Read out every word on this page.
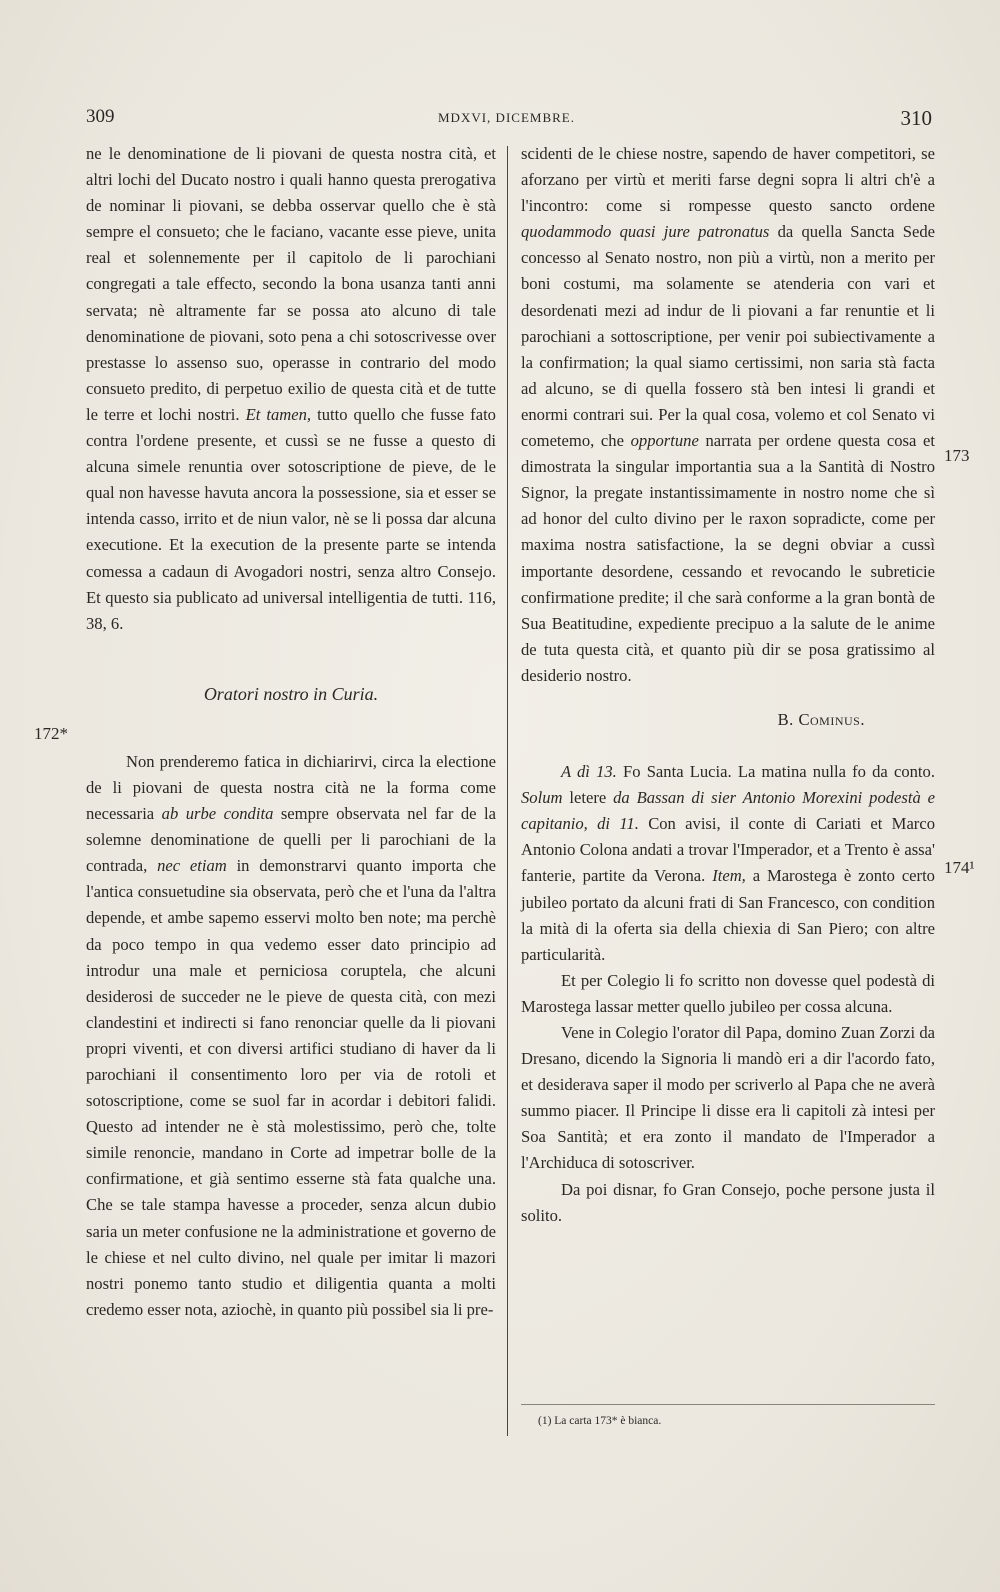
309	MDXVI, DICEMBRE.	310
172*
173
174¹

ne le denominatione de li piovani de questa nostra cità, et altri lochi del Ducato nostro i quali hanno questa prerogativa de nominar li piovani, se debba osservar quello che è stà sempre el consueto; che le faciano, vacante esse pieve, unita real et solennemente per il capitolo de li parochiani congregati a tale effecto, secondo la bona usanza tanti anni servata; nè altramente far se possa ato alcuno di tale denominatione de piovani, soto pena a chi sotoscrivesse over prestasse lo assenso suo, operasse in contrario del modo consueto predito, di perpetuo exilio de questa cità et de tutte le terre et lochi nostri. Et tamen, tutto quello che fusse fato contra l'ordene presente, et cussì se ne fusse a questo di alcuna simele renuntia over sotoscriptione de pieve, de le qual non havesse havuta ancora la possessione, sia et esser se intenda casso, irrito et de niun valor, nè se li possa dar alcuna executione. Et la execution de la presente parte se intenda comessa a cadaun di Avogadori nostri, senza altro Consejo. Et questo sia publicato ad universal intelligentia de tutti. 116, 38, 6.

Oratori nostro in Curia.

Non prenderemo fatica in dichiarirvi, circa la electione de li piovani de questa nostra cità ne la forma come necessaria ab urbe condita sempre observata nel far de la solemne denominatione de quelli per li parochiani de la contrada, nec etiam in demonstrarvi quanto importa che l'antica consuetudine sia observata, però che et l'una da l'altra depende, et ambe sapemo esservi molto ben note; ma perchè da poco tempo in qua vedemo esser dato principio ad introdur una male et perniciosa coruptela, che alcuni desiderosi de succeder ne le pieve de questa cità, con mezi clandestini et indirecti si fano renonciar quelle da li piovani propri viventi, et con diversi artifici studiano di haver da li parochiani il consentimento loro per via de rotoli et sotoscriptione, come se suol far in acordar i debitori falidi. Questo ad intender ne è stà molestissimo, però che, tolte simile renoncie, mandano in Corte ad impetrar bolle de la confirmatione, et già sentimo esserne stà fata qualche una. Che se tale stampa havesse a proceder, senza alcun dubio saria un meter confusione ne la administratione et governo de le chiese et nel culto divino, nel quale per imitar li mazori nostri ponemo tanto studio et diligentia quanta a molti credemo esser nota, aziochè, in quanto più possibel sia li pre-

scidenti de le chiese nostre, sapendo de haver competitori, se aforzano per virtù et meriti farse degni sopra li altri ch'è a l'incontro: come si rompesse questo sancto ordene quodammodo quasi jure patronatus da quella Sancta Sede concesso al Senato nostro, non più a virtù, non a merito per boni costumi, ma solamente se atenderia con vari et desordenati mezi ad indur de li piovani a far renuntie et li parochiani a sottoscriptione, per venir poi subiectivamente a la confirmation; la qual siamo certissimi, non saria stà facta ad alcuno, se di quella fossero stà ben intesi li grandi et enormi contrari sui. Per la qual cosa, volemo et col Senato vi cometemo, che opportune narrata per ordene questa cosa et dimostrata la singular importantia sua a la Santità di Nostro Signor, la pregate instantissimamente in nostro nome che sì ad honor del culto divino per le raxon sopradicte, come per maxima nostra satisfactione, la se degni obviar a cussì importante desordene, cessando et revocando le subreticie confirmatione predite; il che sarà conforme a la gran bontà de Sua Beatitudine, expediente precipuo a la salute de le anime de tuta questa cità, et quanto più dir se posa gratissimo al desiderio nostro.

B. Cominus.

A dì 13. Fo Santa Lucia. La matina nulla fo da conto. Solum letere da Bassan di sier Antonio Morexini podestà e capitanio, di 11. Con avisi, il conte di Cariati et Marco Antonio Colona andati a trovar l'Imperador, et a Trento è assa' fanterie, partite da Verona. Item, a Marostega è zonto certo jubileo portato da alcuni frati di San Francesco, con condition la mità di la oferta sia della chiexia di San Piero; con altre particularità.

Et per Colegio li fo scritto non dovesse quel podestà di Marostega lassar metter quello jubileo per cossa alcuna.

Vene in Colegio l'orator dil Papa, domino Zuan Zorzi da Dresano, dicendo la Signoria li mandò eri a dir l'acordo fato, et desiderava saper il modo per scriverlo al Papa che ne averà summo piacer. Il Principe li disse era li capitoli zà intesi per Soa Santità; et era zonto il mandato de l'Imperador a l'Archiduca di sotoscriver.

Da poi disnar, fo Gran Consejo, poche persone justa il solito.

(1) La carta 173* è bianca.
